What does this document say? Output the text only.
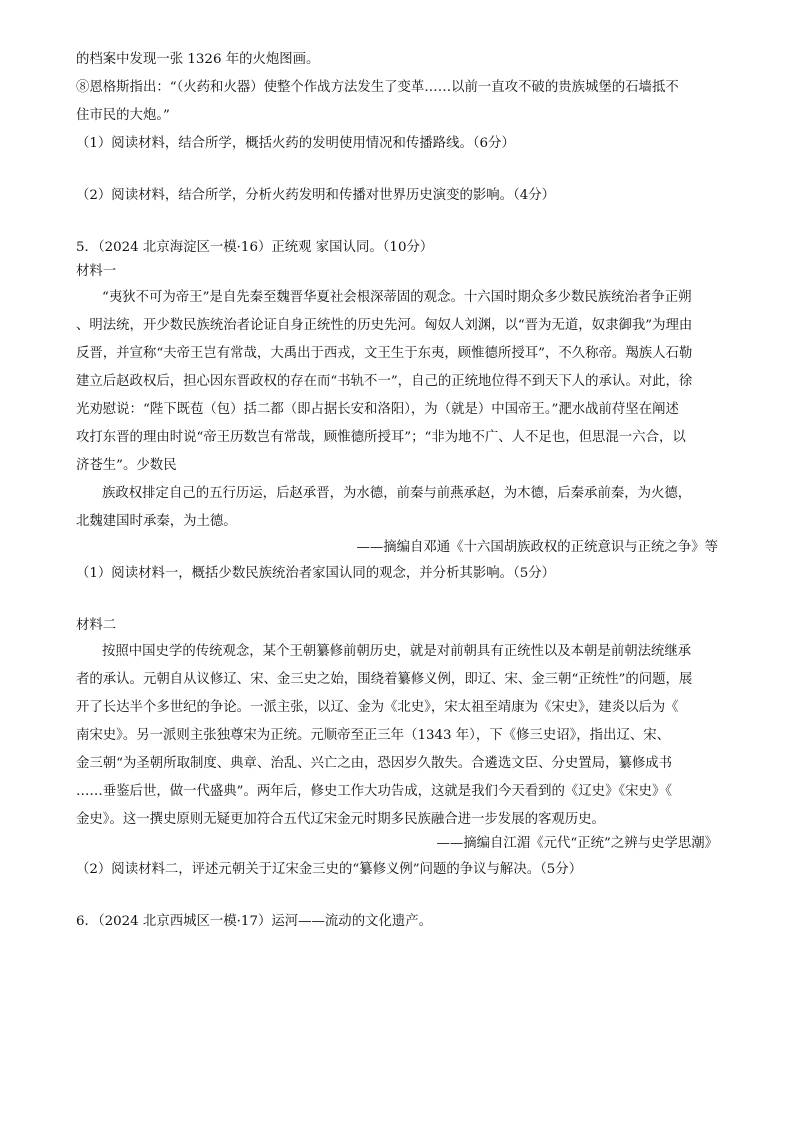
的档案中发现一张 1326 年的火炮图画。
⑧恩格斯指出：“（火药和火器）使整个作战方法发生了变革……以前一直攻不破的贵族城堡的石墙抵不
住市民的大炮。”
（1）阅读材料，结合所学，概括火药的发明使用情况和传播路线。（6分）
（2）阅读材料，结合所学，分析火药发明和传播对世界历史演变的影响。（4分）
5．（2024 北京海淀区一模·16）正统观 家国认同。（10分）
材料一
“夷狄不可为帝王”是自先秦至魏晋华夏社会根深蒂固的观念。十六国时期众多少数民族统治者争正朔
、明法统，开少数民族统治者论证自身正统性的历史先河。匈奴人刘渊，以“晋为无道，奴隶御我”为理由
反晋，并宣称“夫帝王岂有常哉，大禹出于西戎，文王生于东夷，顾惟德所授耳”，不久称帝。羯族人石勒
建立后赵政权后，担心因东晋政权的存在而“书轨不一”，自己的正统地位得不到天下人的承认。对此，徐
光劝慰说：“陛下既苞（包）括二都（即占据长安和洛阳），为（就是）中国帝王。”淝水战前苻坚在阐述
攻打东晋的理由时说“帝王历数岂有常哉，顾惟德所授耳”；“非为地不广、人不足也，但思混一六合，以
济苍生”。少数民
族政权排定自己的五行历运，后赵承晋，为水德，前秦与前燕承赵，为木德，后秦承前秦，为火德，
北魏建国时承秦，为土德。
——摘编自邓通《十六国胡族政权的正统意识与正统之争》等
（1）阅读材料一，概括少数民族统治者家国认同的观念，并分析其影响。（5分）
材料二
按照中国史学的传统观念，某个王朝纂修前朝历史，就是对前朝具有正统性以及本朝是前朝法统继承
者的承认。元朝自从议修辽、宋、金三史之始，围绕着纂修义例，即辽、宋、金三朝“正统性”的问题，展
开了长达半个多世纪的争论。一派主张，以辽、金为《北史》，宋太祖至靖康为《宋史》，建炎以后为《
南宋史》。另一派则主张独尊宋为正统。元顺帝至正三年（1343 年），下《修三史诏》，指出辽、宋、
金三朝“为圣朝所取制度、典章、治乱、兴亡之由，恐因岁久散失。合遴选文臣、分史置局，纂修成书
……垂鉴后世，做一代盛典”。两年后，修史工作大功告成，这就是我们今天看到的《辽史》《宋史》《
金史》。这一撰史原则无疑更加符合五代辽宋金元时期多民族融合进一步发展的客观历史。
——摘编自江湄《元代“正统”之辨与史学思潮》
（2）阅读材料二，评述元朝关于辽宋金三史的“纂修义例”问题的争议与解决。（5分）
6．（2024 北京西城区一模·17）运河——流动的文化遗产。
